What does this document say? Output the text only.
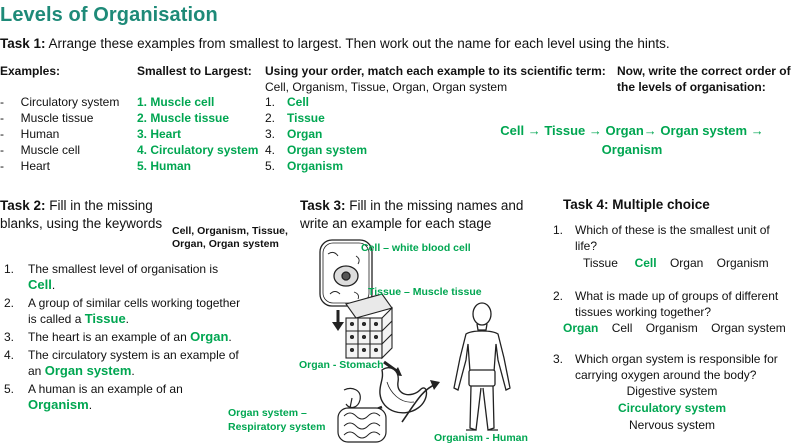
Levels of Organisation
Task 1: Arrange these examples from smallest to largest. Then work out the name for each level using the hints.
Examples:
-     Circulatory system
-     Muscle tissue
-     Human
-     Muscle cell
-     Heart
Smallest to Largest:
1. Muscle cell
2. Muscle tissue
3. Heart
4. Circulatory system
5. Human
Using your order, match each example to its scientific term:
Cell, Organism, Tissue, Organ, Organ system
1. Cell
2. Tissue
3. Organ
4. Organ system
5. Organism
Now, write the correct order of
the levels of organisation:
Cell → Tissue → Organ→ Organ system →
Organism
Task 2: Fill in the missing
blanks, using the keywords Cell, Organism, Tissue,
Organ, Organ system
1. The smallest level of organisation is Cell.
2. A group of similar cells working together is called a Tissue.
3. The heart is an example of an Organ.
4. The circulatory system is an example of an Organ system.
5. A human is an example of an Organism.
Task 3: Fill in the missing names and
write an example for each stage
Cell – white blood cell
Tissue – Muscle tissue
Organ - Stomach
Organ system –
Respiratory system
Organism - Human
Task 4: Multiple choice
1. Which of these is the smallest unit of
life?
Tissue Cell Organ Organism
2. What is made up of groups of different
tissues working together?
Organ Cell Organism Organ system
3. Which organ system is responsible for
carrying oxygen around the body?
Digestive system
Circulatory system
Nervous system
